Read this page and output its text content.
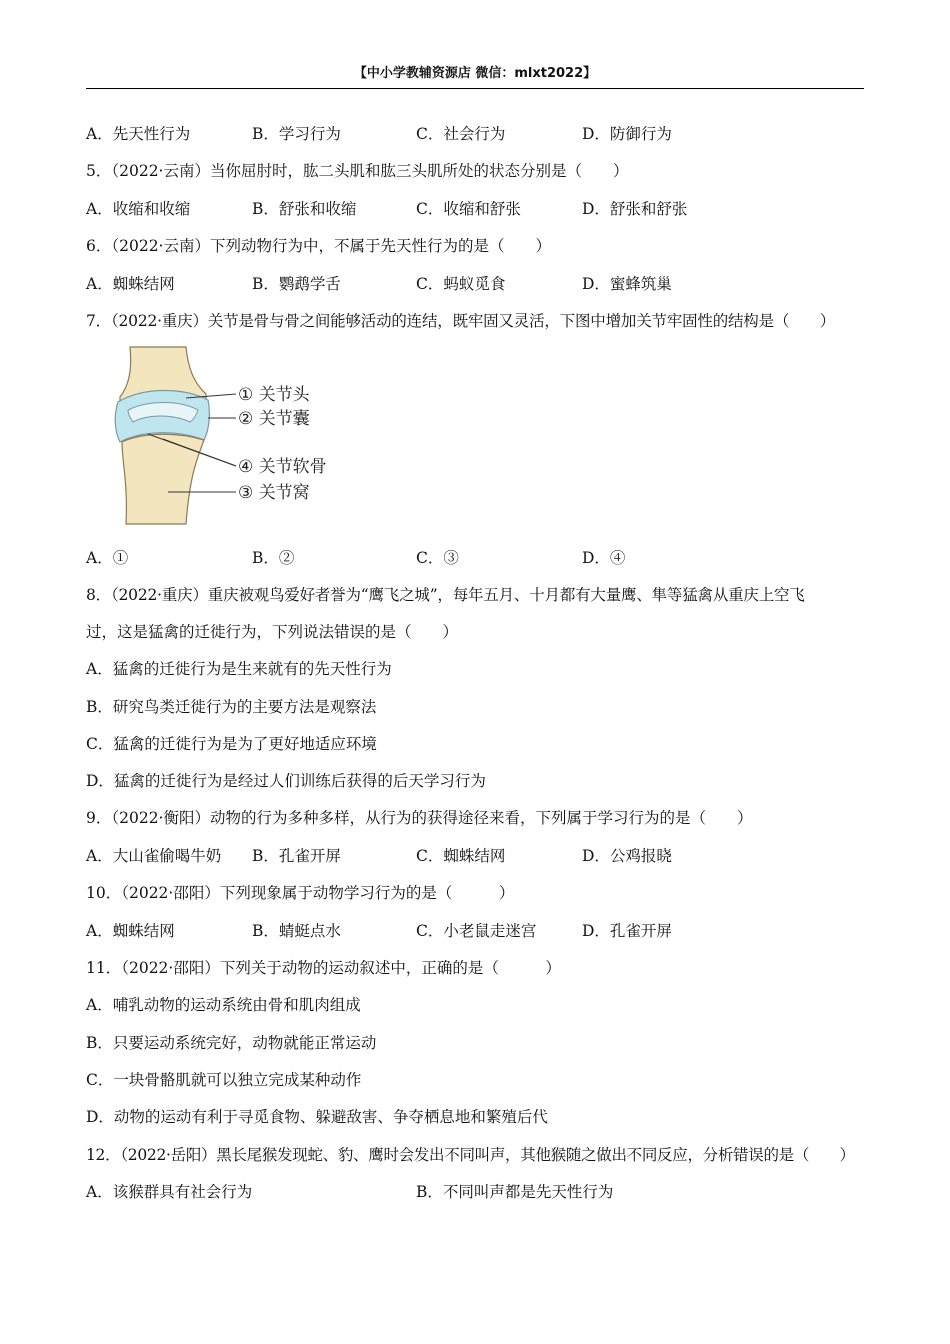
【中小学教辅资源店 微信：mlxt2022】
A．先天性行为	B．学习行为	C．社会行为	D．防御行为
5．（2022·云南）当你屈肘时，肱二头肌和肱三头肌所处的状态分别是（　　）
A．收缩和收缩	B．舒张和收缩	C．收缩和舒张	D．舒张和舒张
6．（2022·云南）下列动物行为中，不属于先天性行为的是（　　）
A．蜘蛛结网	B．鹦鹉学舌	C．蚂蚁觅食	D．蜜蜂筑巢
7．（2022·重庆）关节是骨与骨之间能够活动的连结，既牢固又灵活，下图中增加关节牢固性的结构是（　　）
① 关节头
② 关节囊
④ 关节软骨
③ 关节窝
A．①	B．②	C．③	D．④
8．（2022·重庆）重庆被观鸟爱好者誉为“鹰飞之城”，每年五月、十月都有大量鹰、隼等猛禽从重庆上空飞
过，这是猛禽的迁徙行为，下列说法错误的是（　　）
A．猛禽的迁徙行为是生来就有的先天性行为
B．研究鸟类迁徙行为的主要方法是观察法
C．猛禽的迁徙行为是为了更好地适应环境
D．猛禽的迁徙行为是经过人们训练后获得的后天学习行为
9．（2022·衡阳）动物的行为多种多样，从行为的获得途径来看，下列属于学习行为的是（　　）
A．大山雀偷喝牛奶 B．孔雀开屏	C．蜘蛛结网	D．公鸡报晓
10．（2022·邵阳）下列现象属于动物学习行为的是（　　　）
A．蜘蛛结网	B．蜻蜓点水	C．小老鼠走迷宫	D．孔雀开屏
11．（2022·邵阳）下列关于动物的运动叙述中，正确的是（　　　）
A．哺乳动物的运动系统由骨和肌肉组成
B．只要运动系统完好，动物就能正常运动
C．一块骨骼肌就可以独立完成某种动作
D．动物的运动有利于寻觅食物、躲避敌害、争夺栖息地和繁殖后代
12．（2022·岳阳）黑长尾猴发现蛇、豹、鹰时会发出不同叫声，其他猴随之做出不同反应，分析错误的是（　　）
A．该猴群具有社会行为	B．不同叫声都是先天性行为
